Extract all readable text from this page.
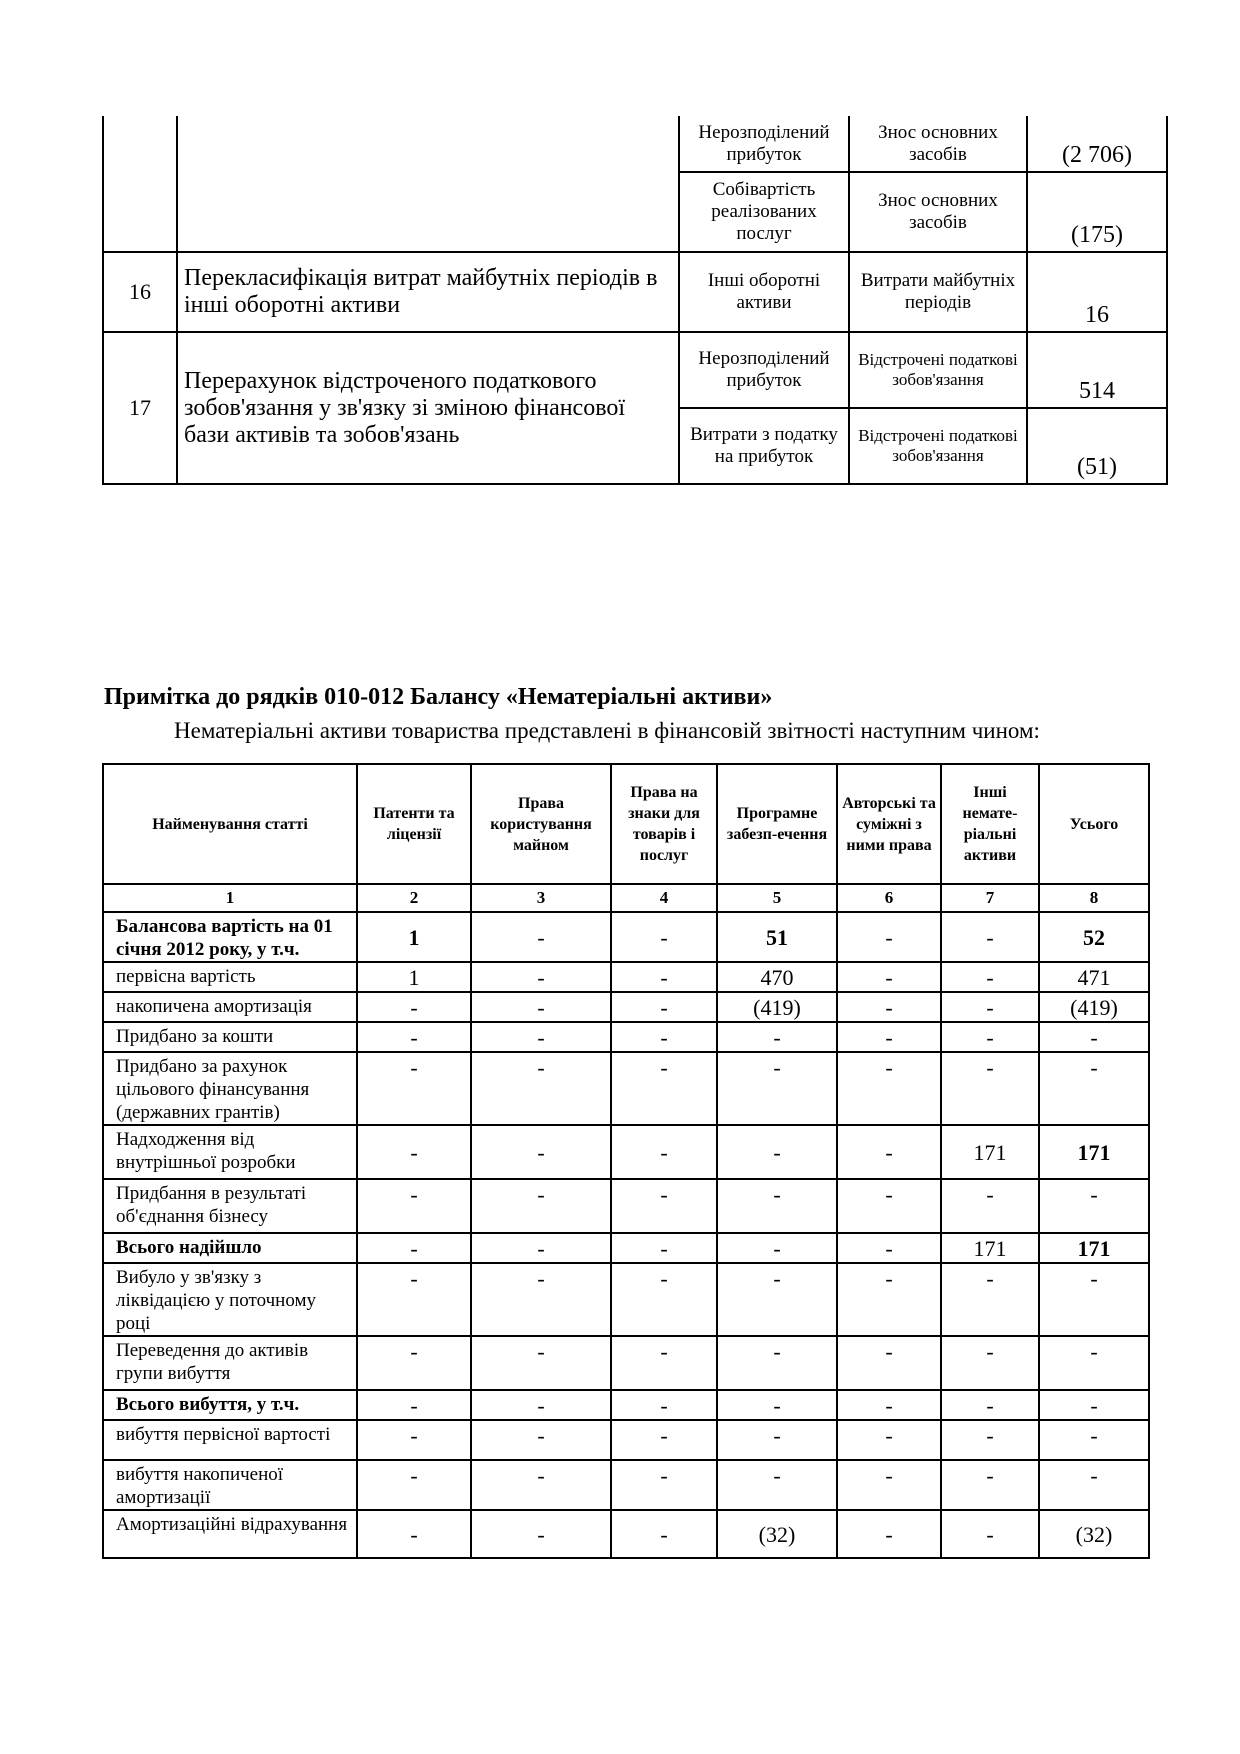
		Нерозподілений прибуток	Знос основних засобів	(2 706)
		Собівартість реалізованих послуг	Знос основних засобів	(175)
16	Перекласифікація витрат майбутніх періодів в інші оборотні активи	Інші оборотні активи	Витрати майбутніх періодів	16
17	Перерахунок відстроченого податкового зобов'язання у зв'язку зі зміною фінансової бази активів та зобов'язань	Нерозподілений прибуток	Відстрочені податкові зобов'язання	514
		Витрати з податку на прибуток	Відстрочені податкові зобов'язання	(51)

Примітка до рядків 010-012 Балансу «Нематеріальні активи»

Нематеріальні активи товариства представлені в фінансовій звітності наступним чином:

Найменування статті	Патенти та ліцензії	Права користування майном	Права на знаки для товарів і послуг	Програмне забезп-ечення	Авторські та суміжні з ними права	Інші немате-ріальні активи	Усього
1	2	3	4	5	6	7	8
Балансова вартість на 01 січня 2012 року, у т.ч.	1	-	-	51	-	-	52
первісна вартість	1	-	-	470	-	-	471
накопичена амортизація	-	-	-	(419)	-	-	(419)
Придбано за кошти	-	-	-	-	-	-	-
Придбано за рахунок цільового фінансування (державних грантів)	-	-	-	-	-	-	-
Надходження від внутрішньої розробки	-	-	-	-	-	171	171
Придбання в результаті об'єднання бізнесу	-	-	-	-	-	-	-
Всього надійшло	-	-	-	-	-	171	171
Вибуло у зв'язку з ліквідацією у поточному році	-	-	-	-	-	-	-
Переведення до активів групи вибуття	-	-	-	-	-	-	-
Всього вибуття, у т.ч.	-	-	-	-	-	-	-
вибуття первісної вартості	-	-	-	-	-	-	-
вибуття накопиченої амортизації	-	-	-	-	-	-	-
Амортизаційні відрахування	-	-	-	(32)	-	-	(32)
